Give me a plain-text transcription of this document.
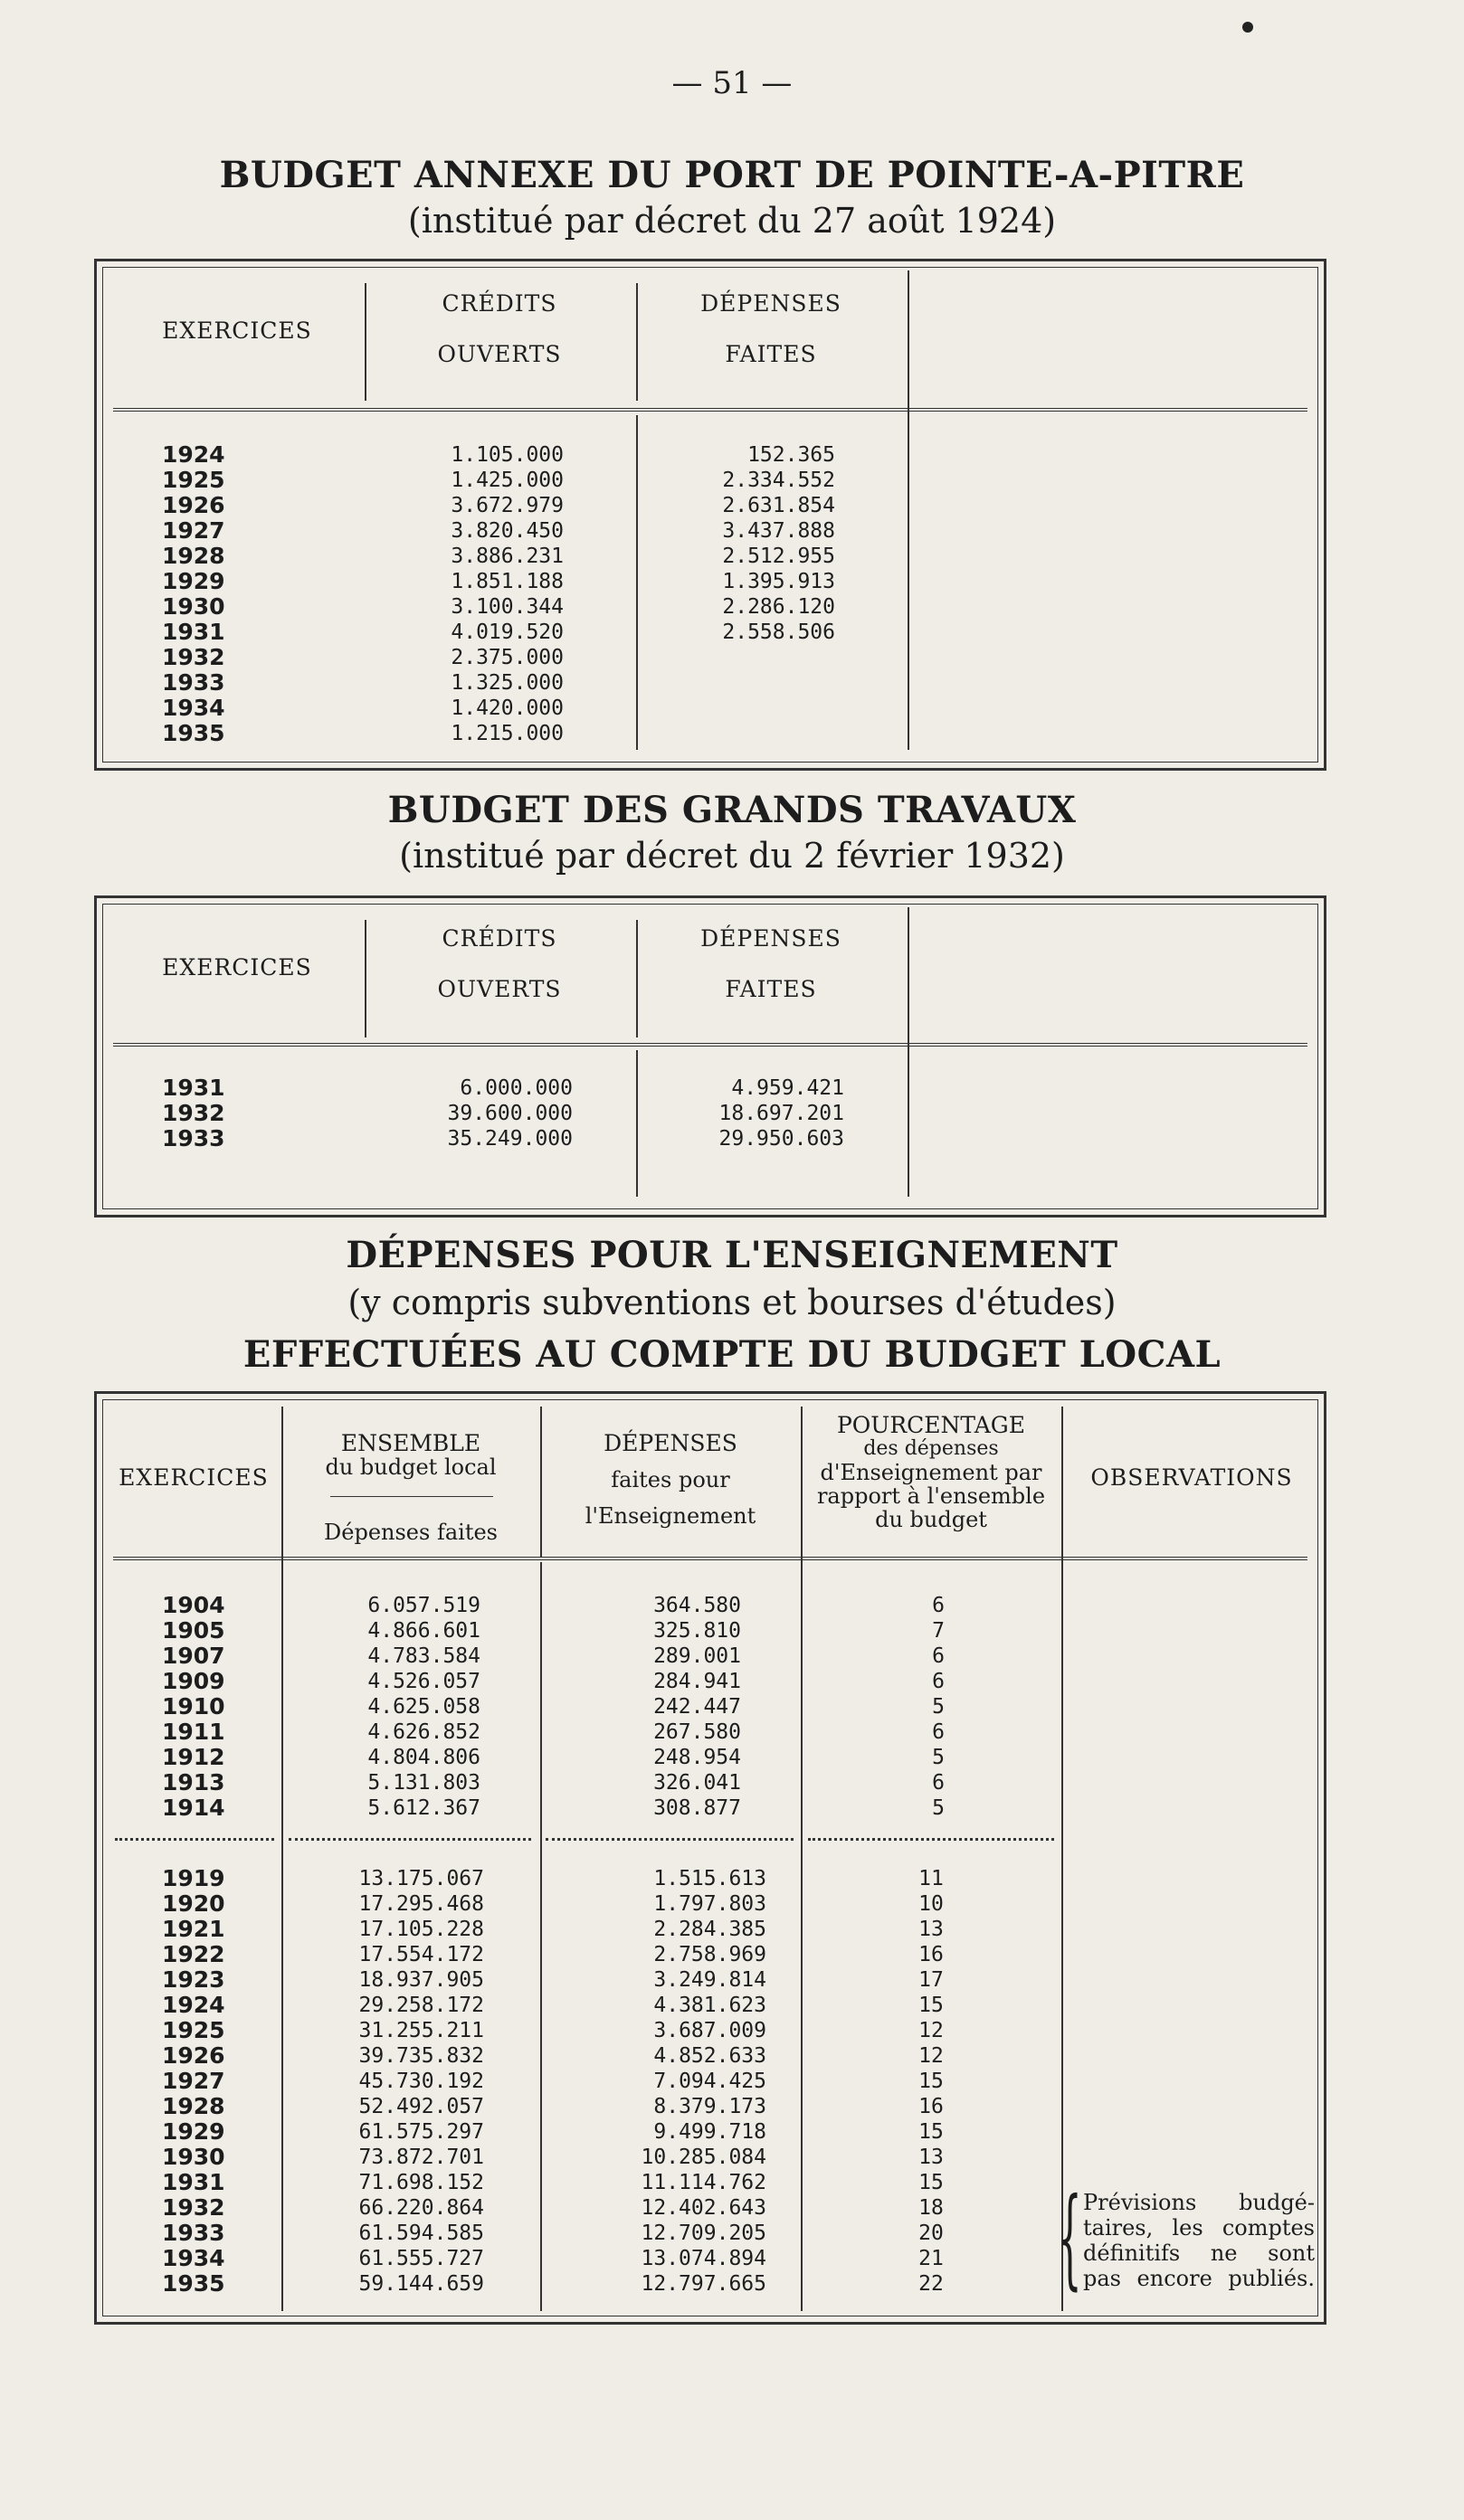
— 51 —
BUDGET ANNEXE DU PORT DE POINTE-A-PITRE
(institué par décret du 27 août 1924)
EXERCICES
CRÉDITS
OUVERTS
DÉPENSES
FAITES
1924
1925
1926
1927
1928
1929
1930
1931
1932
1933
1934
1935
1.105.000
1.425.000
3.672.979
3.820.450
3.886.231
1.851.188
3.100.344
4.019.520
2.375.000
1.325.000
1.420.000
1.215.000
152.365
2.334.552
2.631.854
3.437.888
2.512.955
1.395.913
2.286.120
2.558.506
BUDGET DES GRANDS TRAVAUX
(institué par décret du 2 février 1932)
EXERCICES
CRÉDITS
OUVERTS
DÉPENSES
FAITES
1931
1932
1933
6.000.000
39.600.000
35.249.000
4.959.421
18.697.201
29.950.603
DÉPENSES POUR L'ENSEIGNEMENT
(y compris subventions et bourses d'études)
EFFECTUÉES AU COMPTE DU BUDGET LOCAL
EXERCICES
ENSEMBLE
du budget local
Dépenses faites
DÉPENSES
faites pour
l'Enseignement
POURCENTAGE
des dépenses
d'Enseignement par
rapport à l'ensemble
du budget
OBSERVATIONS
1904
1905
1907
1909
1910
1911
1912
1913
1914
6.057.519
4.866.601
4.783.584
4.526.057
4.625.058
4.626.852
4.804.806
5.131.803
5.612.367
364.580
325.810
289.001
284.941
242.447
267.580
248.954
326.041
308.877
6
7
6
6
5
6
5
6
5
1919
1920
1921
1922
1923
1924
1925
1926
1927
1928
1929
1930
1931
1932
1933
1934
1935
13.175.067
17.295.468
17.105.228
17.554.172
18.937.905
29.258.172
31.255.211
39.735.832
45.730.192
52.492.057
61.575.297
73.872.701
71.698.152
66.220.864
61.594.585
61.555.727
59.144.659
1.515.613
1.797.803
2.284.385
2.758.969
3.249.814
4.381.623
3.687.009
4.852.633
7.094.425
8.379.173
9.499.718
10.285.084
11.114.762
12.402.643
12.709.205
13.074.894
12.797.665
11
10
13
16
17
15
12
12
15
16
15
13
15
18
20
21
22 { Prévisions budgé-
taires, les comptes
définitifs ne sont
pas encore publiés.
